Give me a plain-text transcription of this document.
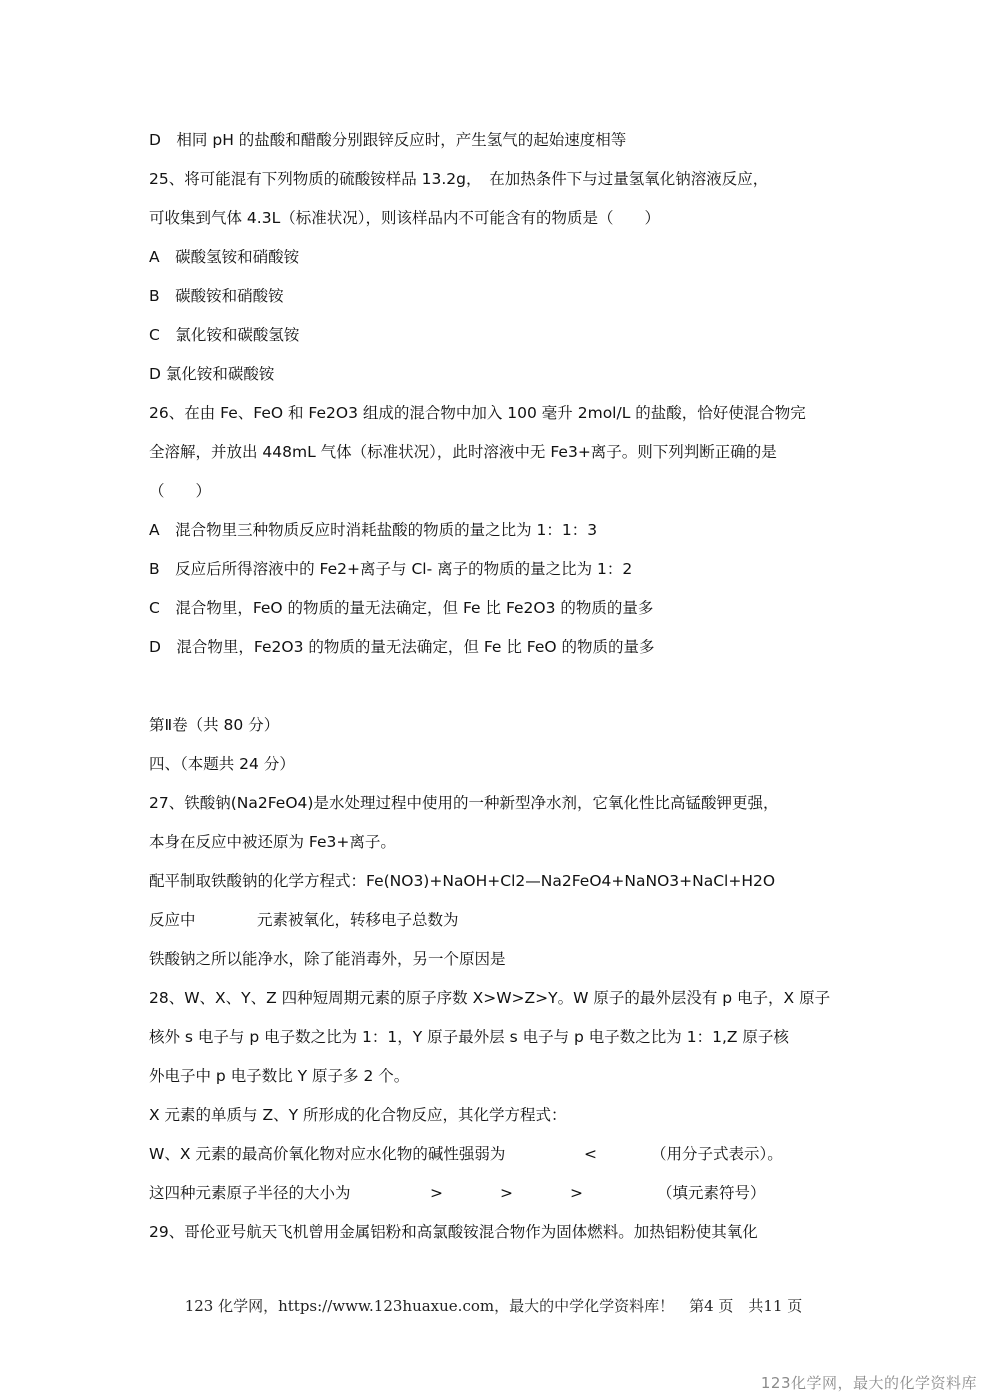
D　相同 pH 的盐酸和醋酸分别跟锌反应时，产生氢气的起始速度相等
25、将可能混有下列物质的硫酸铵样品 13.2g，　在加热条件下与过量氢氧化钠溶液反应，
可收集到气体 4.3L（标准状况），则该样品内不可能含有的物质是（　　）
A　碳酸氢铵和硝酸铵
B　碳酸铵和硝酸铵
C　氯化铵和碳酸氢铵
D 氯化铵和碳酸铵
26、在由 Fe、FeO 和 Fe2O3 组成的混合物中加入 100 毫升 2mol/L 的盐酸，恰好使混合物完
全溶解，并放出 448mL 气体（标准状况），此时溶液中无 Fe3+离子。则下列判断正确的是
（　　）
A　混合物里三种物质反应时消耗盐酸的物质的量之比为 1：1：3
B　反应后所得溶液中的 Fe2+离子与 Cl- 离子的物质的量之比为 1：2
C　混合物里，FeO 的物质的量无法确定，但 Fe 比 Fe2O3 的物质的量多
D　混合物里，Fe2O3 的物质的量无法确定，但 Fe 比 FeO 的物质的量多
第Ⅱ卷（共 80 分）
四、（本题共 24 分）
27、铁酸钠(Na2FeO4)是水处理过程中使用的一种新型净水剂，它氧化性比高锰酸钾更强，
本身在反应中被还原为 Fe3+离子。
配平制取铁酸钠的化学方程式：Fe(NO3)+NaOH+Cl2—Na2FeO4+NaNO3+NaCl+H2O
反应中	元素被氧化，转移电子总数为
铁酸钠之所以能净水，除了能消毒外，另一个原因是
28、W、X、Y、Z 四种短周期元素的原子序数 X>W>Z>Y。W 原子的最外层没有 p 电子，X 原子
核外 s 电子与 p 电子数之比为 1：1，Y 原子最外层 s 电子与 p 电子数之比为 1：1,Z 原子核
外电子中 p 电子数比 Y 原子多 2 个。
X 元素的单质与 Z、Y 所形成的化合物反应，其化学方程式：
W、X 元素的最高价氧化物对应水化物的碱性强弱为	<	（用分子式表示）。
这四种元素原子半径的大小为	>	>	>	（填元素符号）
29、哥伦亚号航天飞机曾用金属铝粉和高氯酸铵混合物作为固体燃料。加热铝粉使其氧化
123 化学网，https://www.123huaxue.com，最大的中学化学资料库！　第4 页　共11 页
123化学网，最大的化学资料库
